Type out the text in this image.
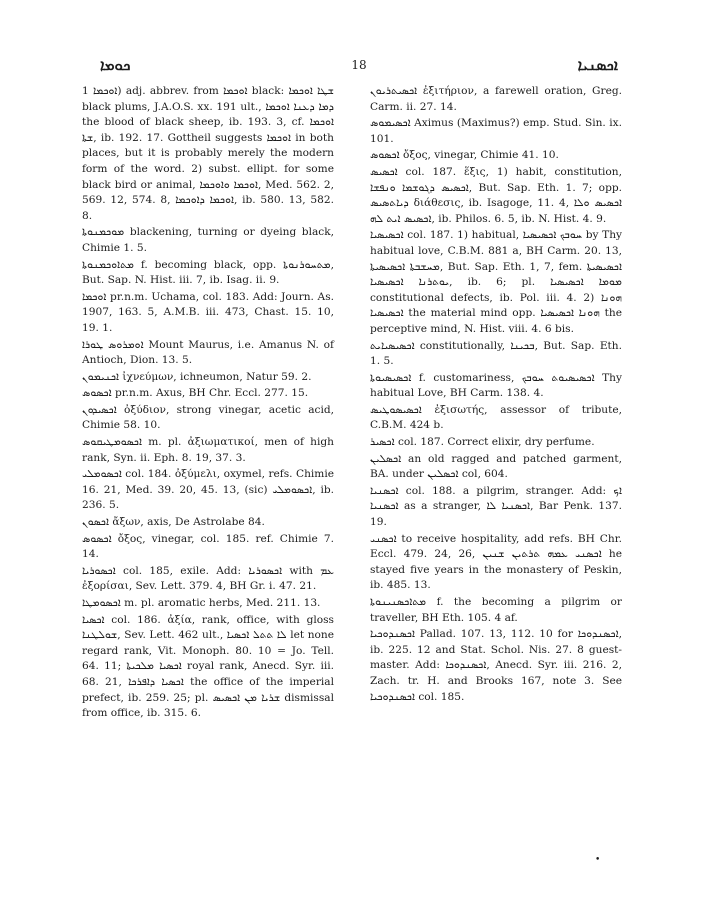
ܟܘܡܐ	18	ܐܟܣܢܝܐ

ܐܘܟܡܐ 1) adj. abbrev. from ܐܘܟܡܐ black: ܫܛܐ ܐܘܟܡܐ black plums, J.A.O.S. xx. 191 ult., ܕܡܐ ܕܥܢܐ ܐܘܟܡܐ the blood of black sheep, ib. 193. 3, cf. ܐܘܟܡܐ ܫܬܐ, ib. 192. 17. Gottheil suggests ܐܘܟܡܐ in both places, but it is probably merely the modern form of the word. 2) subst. ellipt. for some black bird or animal, ܐܘܟܡܐ ܘܐܘܟܡܐ, Med. 562. 2, 569. 12, 574. 8, ܐܘܟܡܐ ܕܐܘܟܡܐ, ib. 580. 13, 582. 8.

ܡܘܟܡܢܘܬܐ blackening, turning or dyeing black, Chimie 1. 5.

ܡܬܐܘܟܡܢܘܬܐ f. becoming black, opp. ܡܬܚܘܪܢܘܬܐ, But. Sap. N. Hist. iii. 7, ib. Isag. ii. 9.

ܐܘܟܡܐ pr.n.m. Uchama, col. 183. Add: Journ. As. 1907, 163. 5, A.M.B. iii. 473, Chast. 15. 10, 19. 1.

ܐܘܡܪܘܣ ܛܘܪܐ Mount Maurus, i.e. Amanus N. of Antioch, Dion. 13. 5.

ܐܟܢܝܡܘܢ ἰχνεύμων, ichneumon, Natur 59. 2.

ܐܟܣܘܣ pr.n.m. Axus, BH Chr. Eccl. 277. 15.

ܐܟܣܝܕܘܢ ὀξύδιον, strong vinegar, acetic acid, Chimie 58. 10.

ܐܟܣܘܡܛܝܩܘܣ m. pl. ἀξιωματικοί, men of high rank, Syn. ii. Eph. 8. 19, 37. 3.

ܐܟܣܘܡܠܝ col. 184. ὀξύμελι, oxymel, refs. Chimie 16. 21, Med. 39. 20, 45. 13, (sic) ܐܟܣܘܡܠܝ, ib. 236. 5.

ܐܟܣܘܢ ἄξων, axis, De Astrolabe 84.

ܐܟܣܘܣ ὄξος, vinegar, col. 185. ref. Chimie 7. 14.

ܐܟܣܘܪܝܐ col. 185, exile. Add: ܐܟܣܘܪܝܐ with ܥܡ ἐξορίσαι, Sev. Lett. 379. 4, BH Gr. i. 47. 21.

ܐܟܣܘܡܛܐ m. pl. aromatic herbs, Med. 211. 13.

ܐܟܣܝܐ col. 186. ἀξία, rank, office, with gloss ܫܘܠܛܢܐ, Sev. Lett. 462 ult., ܠܐ ܬܬܠ ܐܟܣܝܐ let none regard rank, Vit. Monoph. 80. 10 = Jo. Tell. 64. 11; ܐܟܣܝܐ ܡܠܟܝܬܐ royal rank, Anecd. Syr. iii. 68. 21, ܐܟܣܝܐ ܕܐܦܪܟܐ the office of the imperial prefect, ib. 259. 25; pl. ܫܪܝܐ ܡܢ ܐܟܣܝܣ dismissal from office, ib. 315. 6.

ܐܟܣܝܬܪܝܘܢ ἐξιτήριον, a farewell oration, Greg. Carm. ii. 27. 14.

ܐܟܣܝܡܘܣ Aximus (Maximus?) emp. Stud. Sin. ix. 101.

ܐܟܣܘܣ ὄξος, vinegar, Chimie 41. 10.

ܐܟܣܝܣ col. 187. ἕξις, 1) habit, constitution, ܐܟܣܝܣ ܕܓܘܫܡܐ ܘܢܦܫܐ, But. Sap. Eth. 1. 7; opp. ܕܝܐܬܣܝܣ διάθεσις, ib. Isagoge, 11. 4, ܐܟܣܝܣ ܘܠܐ ܐܟܣܝܣ ܐܝܬ ܠܗ, ib. Philos. 6. 5, ib. N. Hist. 4. 9.

ܐܟܣܝܣܝܐ col. 187. 1) habitual, ܚܘܒܟ ܐܟܣܝܣܝܐ by Thy habitual love, C.B.M. 881 a, BH Carm. 20. 13, ܡܚܫܒܬܐ ܐܟܣܝܣܝܬܐ, But. Sap. Eth. 1, 7, fem. ܐܟܣܝܣܝܬܐ ܝܘܬܪܢܐ ܐܟܣܝܣܝܐ, ib. 6; pl. ܡܘܡܐ ܐܟܣܝܣܝܐ constitutional defects, ib. Pol. iii. 4. 2) ܗܘܢܐ ܐܟܣܝܣܝܐ the material mind opp. ܗܘܢܐ ܐܟܣܝܣܝܐ the perceptive mind, N. Hist. viii. 4. 6 bis.

ܐܟܣܝܣܝܐܝܬ constitutionally, ܒܟܝܢܐ, But. Sap. Eth. 1. 5.

ܐܟܣܝܣܝܘܬܐ f. customariness, ܐܟܣܝܣܝܘܬ ܚܘܒܟ Thy habitual Love, BH Carm. 138. 4.

ܐܟܣܝܣܘܛܝܣ ἐξισωτής, assessor of tribute, C.B.M. 424 b.

ܐܟܣܝܪ col. 187. Correct elixir, dry perfume.

ܐܟܣܠܝܢ an old ragged and patched garment, BA. under ܐܟܣܠܝܢ col, 604.

ܐܟܣܢܝܐ col. 188. a pilgrim, stranger. Add: ܐܟ ܐܟܣܢܝܐ as a stranger, ܐܟܣܢܝܐ ܠܐ, Bar Penk. 137. 19.

ܐܟܣܢܝ to receive hospitality, add refs. BH Chr. Eccl. 479. 24, 26, ܐܟܣܢܝ ܥܡܗ ܬܪܬܝܢ ܫܢܝܢ he stayed five years in the monastery of Peskin, ib. 485. 13.

ܡܬܐܟܣܢܝܢܘܬܐ f. the becoming a pilgrim or traveller, BH Eth. 105. 4 af.

ܐܟܣܢܕܘܟܝܐ Pallad. 107. 13, 112. 10 for ܐܟܣܢܕܘܟܐ, ib. 225. 12 and Stat. Schol. Nis. 27. 8 guest-master. Add: ܐܟܣܢܕܘܟܐ, Anecd. Syr. iii. 216. 2, Zach. tr. H. and Brooks 167, note 3. See ܐܟܣܢܕܘܟܝܐ col. 185.

•
